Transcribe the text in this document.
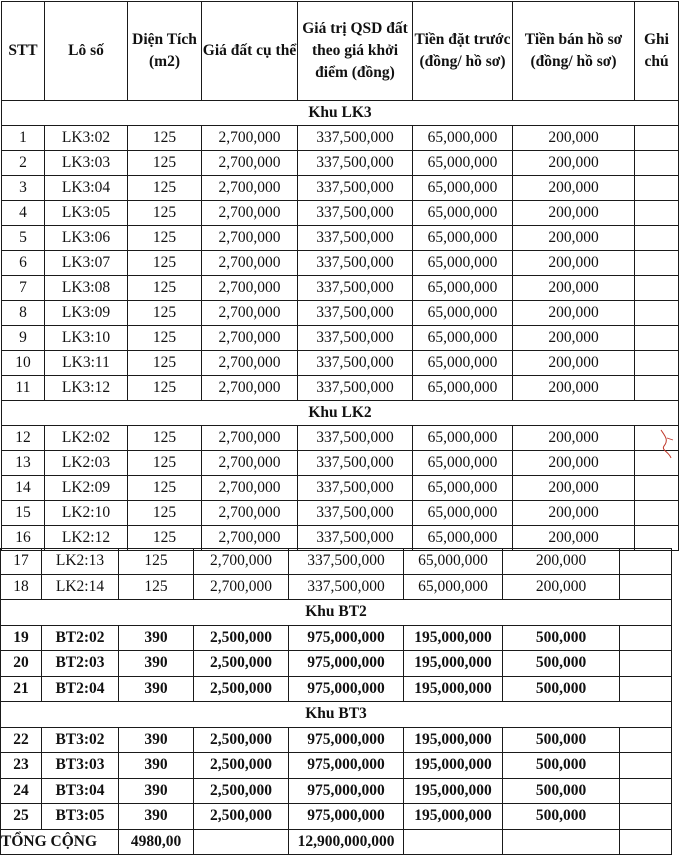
STT	Lô số	Diện Tích (m2)	Giá đất cụ thể	Giá trị QSD đất theo giá khởi điểm (đồng)	Tiền đặt trước (đồng/ hồ sơ)	Tiền bán hồ sơ (đồng/ hồ sơ)	Ghi chú
Khu LK3							
1	LK3:02	125	2,700,000	337,500,000	65,000,000	200,000	
2	LK3:03	125	2,700,000	337,500,000	65,000,000	200,000	
3	LK3:04	125	2,700,000	337,500,000	65,000,000	200,000	
4	LK3:05	125	2,700,000	337,500,000	65,000,000	200,000	
5	LK3:06	125	2,700,000	337,500,000	65,000,000	200,000	
6	LK3:07	125	2,700,000	337,500,000	65,000,000	200,000	
7	LK3:08	125	2,700,000	337,500,000	65,000,000	200,000	
8	LK3:09	125	2,700,000	337,500,000	65,000,000	200,000	
9	LK3:10	125	2,700,000	337,500,000	65,000,000	200,000	
10	LK3:11	125	2,700,000	337,500,000	65,000,000	200,000	
11	LK3:12	125	2,700,000	337,500,000	65,000,000	200,000	
Khu LK2							
12	LK2:02	125	2,700,000	337,500,000	65,000,000	200,000	
13	LK2:03	125	2,700,000	337,500,000	65,000,000	200,000	
14	LK2:09	125	2,700,000	337,500,000	65,000,000	200,000	
15	LK2:10	125	2,700,000	337,500,000	65,000,000	200,000	
16	LK2:12	125	2,700,000	337,500,000	65,000,000	200,000	
17	LK2:13	125	2,700,000	337,500,000	65,000,000	200,000	
18	LK2:14	125	2,700,000	337,500,000	65,000,000	200,000	
Khu BT2							
19	BT2:02	390	2,500,000	975,000,000	195,000,000	500,000	
20	BT2:03	390	2,500,000	975,000,000	195,000,000	500,000	
21	BT2:04	390	2,500,000	975,000,000	195,000,000	500,000	
Khu BT3							
22	BT3:02	390	2,500,000	975,000,000	195,000,000	500,000	
23	BT3:03	390	2,500,000	975,000,000	195,000,000	500,000	
24	BT3:04	390	2,500,000	975,000,000	195,000,000	500,000	
25	BT3:05	390	2,500,000	975,000,000	195,000,000	500,000	
TỔNG CỘNG		4980,00		12,900,000,000			
